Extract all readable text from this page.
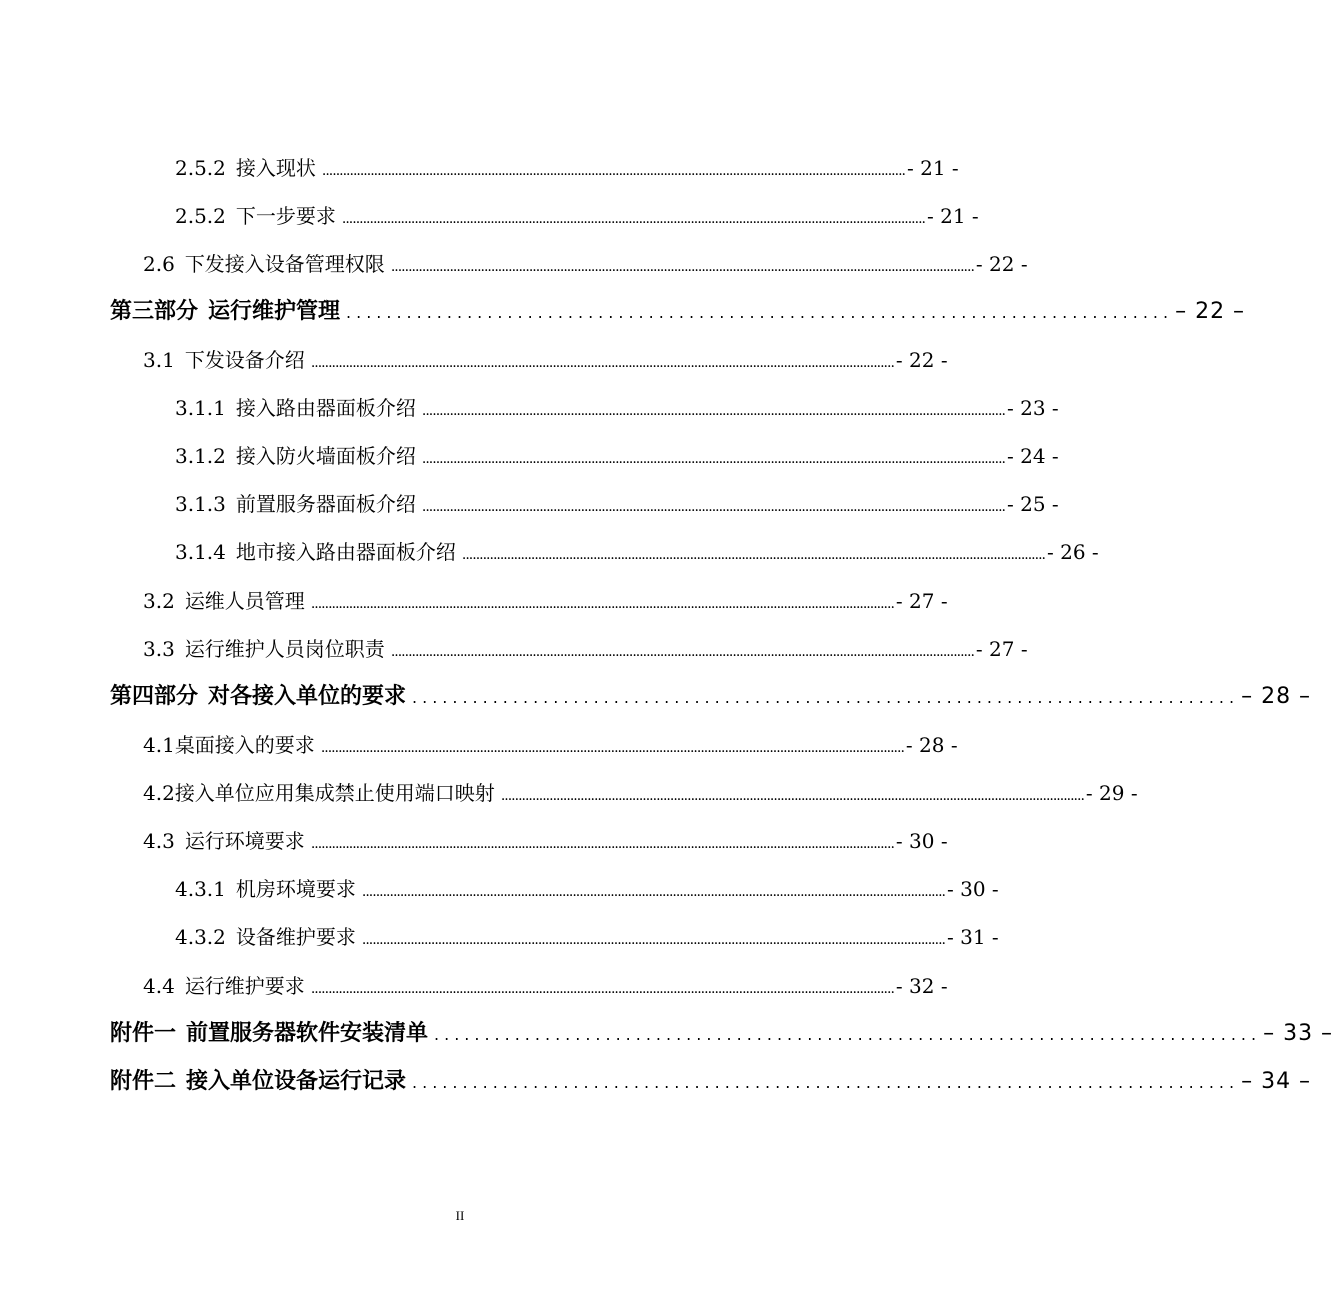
2.5.2 接入现状 ......................................................................................................................................................................... - 21 -
2.5.2 下一步要求 ......................................................................................................................................................................... - 21 -
2.6 下发接入设备管理权限 ......................................................................................................................................................................... - 22 -
第三部分 运行维护管理 .................................................................................. – 22 –
3.1 下发设备介绍 ......................................................................................................................................................................... - 22 -
3.1.1 接入路由器面板介绍 ......................................................................................................................................................................... - 23 -
3.1.2 接入防火墙面板介绍 ......................................................................................................................................................................... - 24 -
3.1.3 前置服务器面板介绍 ......................................................................................................................................................................... - 25 -
3.1.4 地市接入路由器面板介绍 ......................................................................................................................................................................... - 26 -
3.2 运维人员管理 ......................................................................................................................................................................... - 27 -
3.3 运行维护人员岗位职责 ......................................................................................................................................................................... - 27 -
第四部分 对各接入单位的要求 .................................................................................. – 28 –
4.1桌面接入的要求 ......................................................................................................................................................................... - 28 -
4.2接入单位应用集成禁止使用端口映射 ......................................................................................................................................................................... - 29 -
4.3 运行环境要求 ......................................................................................................................................................................... - 30 -
4.3.1 机房环境要求 ......................................................................................................................................................................... - 30 -
4.3.2 设备维护要求 ......................................................................................................................................................................... - 31 -
4.4 运行维护要求 ......................................................................................................................................................................... - 32 -
附件一 前置服务器软件安装清单 .................................................................................. – 33 –
附件二 接入单位设备运行记录 .................................................................................. – 34 –
II
